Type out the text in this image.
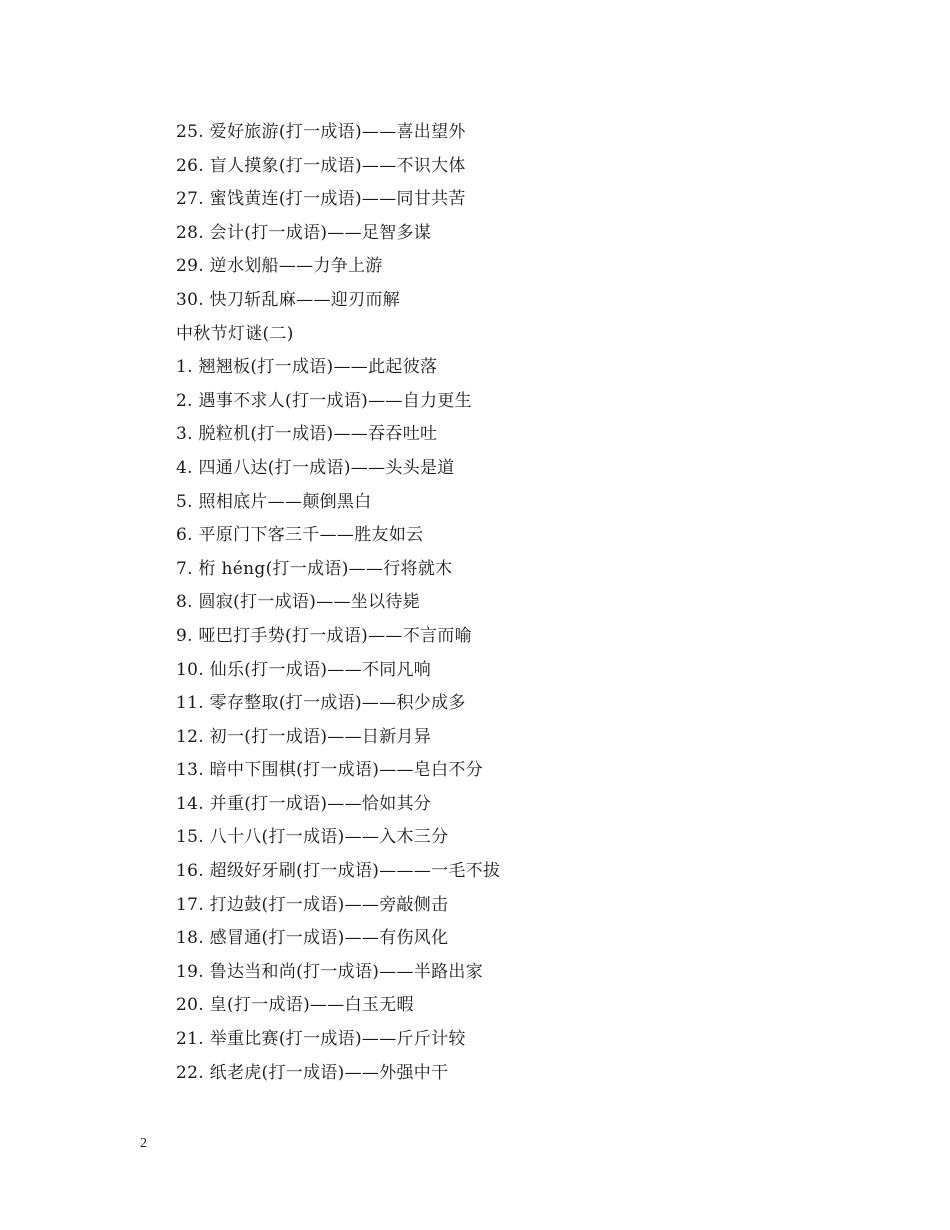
25. 爱好旅游(打一成语)——喜出望外
26. 盲人摸象(打一成语)——不识大体
27. 蜜饯黄连(打一成语)——同甘共苦
28. 会计(打一成语)——足智多谋
29. 逆水划船——力争上游
30. 快刀斩乱麻——迎刃而解
中秋节灯谜(二)
1. 翘翘板(打一成语)——此起彼落
2. 遇事不求人(打一成语)——自力更生
3. 脱粒机(打一成语)——吞吞吐吐
4. 四通八达(打一成语)——头头是道
5. 照相底片——颠倒黑白
6. 平原门下客三千——胜友如云
7. 桁 héng(打一成语)——行将就木
8. 圆寂(打一成语)——坐以待毙
9. 哑巴打手势(打一成语)——不言而喻
10. 仙乐(打一成语)——不同凡响
11. 零存整取(打一成语)——积少成多
12. 初一(打一成语)——日新月异
13. 暗中下围棋(打一成语)——皂白不分
14. 并重(打一成语)——恰如其分
15. 八十八(打一成语)——入木三分
16. 超级好牙刷(打一成语)———一毛不拔
17. 打边鼓(打一成语)——旁敲侧击
18. 感冒通(打一成语)——有伤风化
19. 鲁达当和尚(打一成语)——半路出家
20. 皇(打一成语)——白玉无暇
21. 举重比赛(打一成语)——斤斤计较
22. 纸老虎(打一成语)——外强中干
2
